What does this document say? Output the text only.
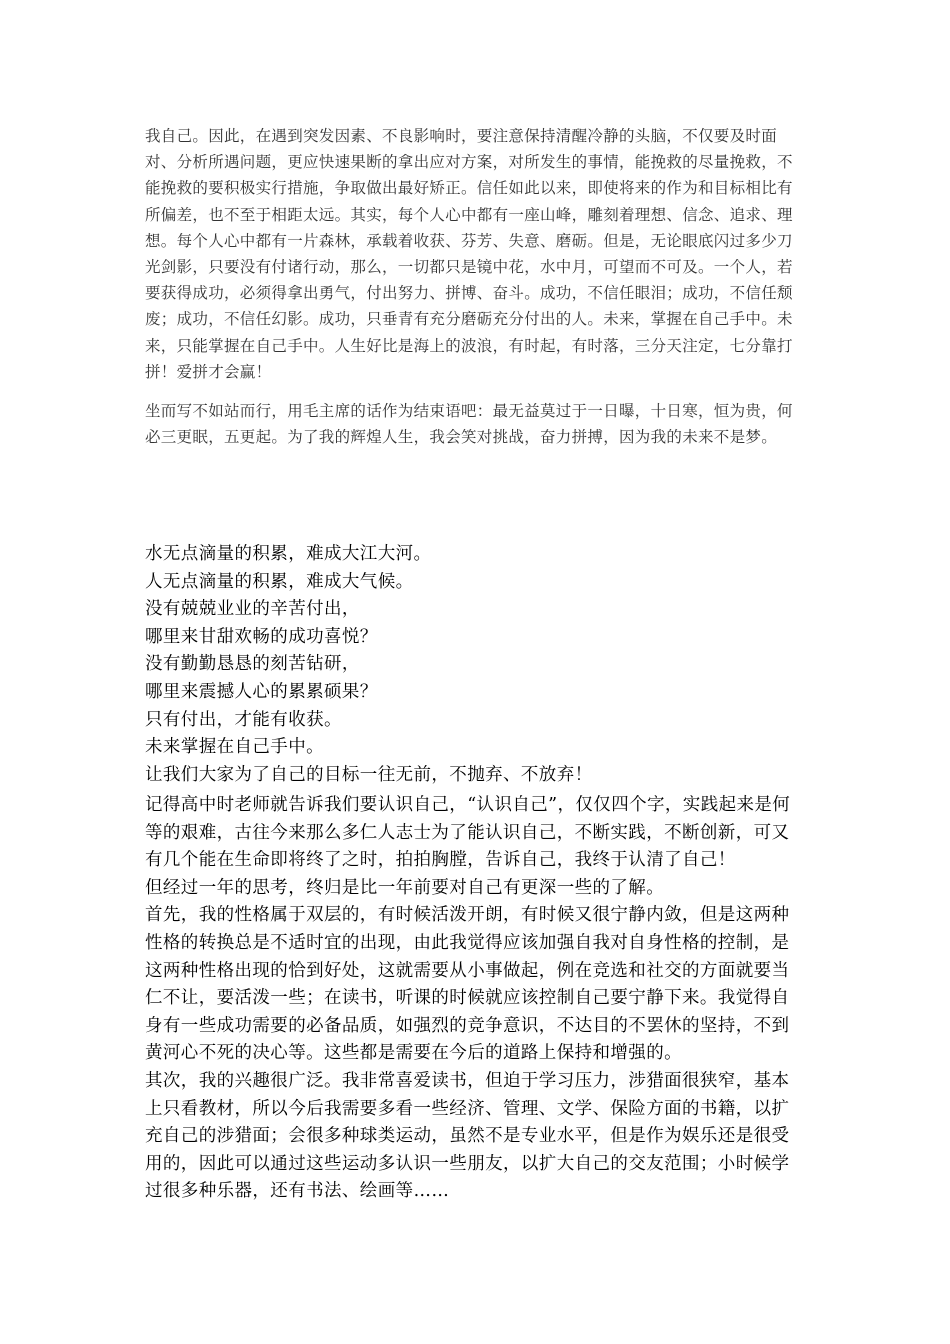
我自己。因此，在遇到突发因素、不良影响时，要注意保持清醒冷静的头脑，不仅要及时面对、分析所遇问题，更应快速果断的拿出应对方案，对所发生的事情，能挽救的尽量挽救，不能挽救的要积极实行措施，争取做出最好矫正。信任如此以来，即使将来的作为和目标相比有所偏差，也不至于相距太远。其实，每个人心中都有一座山峰，雕刻着理想、信念、追求、理想。每个人心中都有一片森林，承载着收获、芬芳、失意、磨砺。但是，无论眼底闪过多少刀光剑影，只要没有付诸行动，那么，一切都只是镜中花，水中月，可望而不可及。一个人，若要获得成功，必须得拿出勇气，付出努力、拼博、奋斗。成功，不信任眼泪；成功，不信任颓废；成功，不信任幻影。成功，只垂青有充分磨砺充分付出的人。未来，掌握在自己手中。未来，只能掌握在自己手中。人生好比是海上的波浪，有时起，有时落，三分天注定，七分靠打拼！爱拼才会赢！

坐而写不如站而行，用毛主席的话作为结束语吧：最无益莫过于一日曝，十日寒，恒为贵，何必三更眠，五更起。为了我的辉煌人生，我会笑对挑战，奋力拼搏，因为我的未来不是梦。

水无点滴量的积累，难成大江大河。
人无点滴量的积累，难成大气候。
没有兢兢业业的辛苦付出，
哪里来甘甜欢畅的成功喜悦？
没有勤勤恳恳的刻苦钻研，
哪里来震撼人心的累累硕果？
只有付出，才能有收获。
未来掌握在自己手中。
让我们大家为了自己的目标一往无前，不抛弃、不放弃！

记得高中时老师就告诉我们要认识自己，“认识自己”，仅仅四个字，实践起来是何等的艰难，古往今来那么多仁人志士为了能认识自己，不断实践，不断创新，可又有几个能在生命即将终了之时，拍拍胸膛，告诉自己，我终于认清了自己！

但经过一年的思考，终归是比一年前要对自己有更深一些的了解。

首先，我的性格属于双层的，有时候活泼开朗，有时候又很宁静内敛，但是这两种性格的转换总是不适时宜的出现，由此我觉得应该加强自我对自身性格的控制，是这两种性格出现的恰到好处，这就需要从小事做起，例在竞选和社交的方面就要当仁不让，要活泼一些；在读书，听课的时候就应该控制自己要宁静下来。我觉得自身有一些成功需要的必备品质，如强烈的竞争意识，不达目的不罢休的坚持，不到黄河心不死的决心等。这些都是需要在今后的道路上保持和增强的。

其次，我的兴趣很广泛。我非常喜爱读书，但迫于学习压力，涉猎面很狭窄，基本上只看教材，所以今后我需要多看一些经济、管理、文学、保险方面的书籍，以扩充自己的涉猎面；会很多种球类运动，虽然不是专业水平，但是作为娱乐还是很受用的，因此可以通过这些运动多认识一些朋友，以扩大自己的交友范围；小时候学过很多种乐器，还有书法、绘画等……
